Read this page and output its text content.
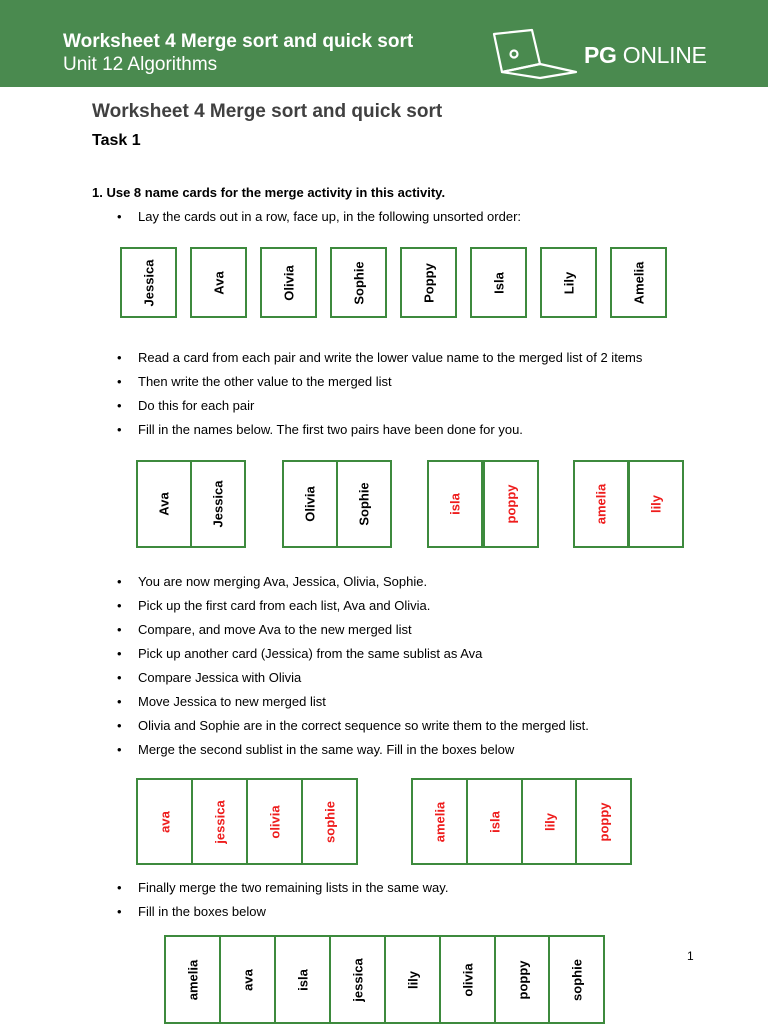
Worksheet 4 Merge sort and quick sort
Unit 12 Algorithms	PG ONLINE
Worksheet 4 Merge sort and quick sort
Task 1
1. Use 8 name cards for the merge activity in this activity.
• Lay the cards out in a row, face up, in the following unsorted order:
Jessica	Ava	Olivia	Sophie	Poppy	Isla	Lily	Amelia
• Read a card from each pair and write the lower value name to the merged list of 2 items
• Then write the other value to the merged list
• Do this for each pair
• Fill in the names below. The first two pairs have been done for you.
Ava	Jessica	Olivia	Sophie	isla	poppy	amelia	lily
• You are now merging Ava, Jessica, Olivia, Sophie.
• Pick up the first card from each list, Ava and Olivia.
• Compare, and move Ava to the new merged list
• Pick up another card (Jessica) from the same sublist as Ava
• Compare Jessica with Olivia
• Move Jessica to new merged list
• Olivia and Sophie are in the correct sequence so write them to the merged list.
• Merge the second sublist in the same way. Fill in the boxes below
ava	jessica	olivia	sophie	amelia	isla	lily	poppy
• Finally merge the two remaining lists in the same way.
• Fill in the boxes below
amelia	ava	isla	jessica	lily	olivia	poppy	sophie
1
